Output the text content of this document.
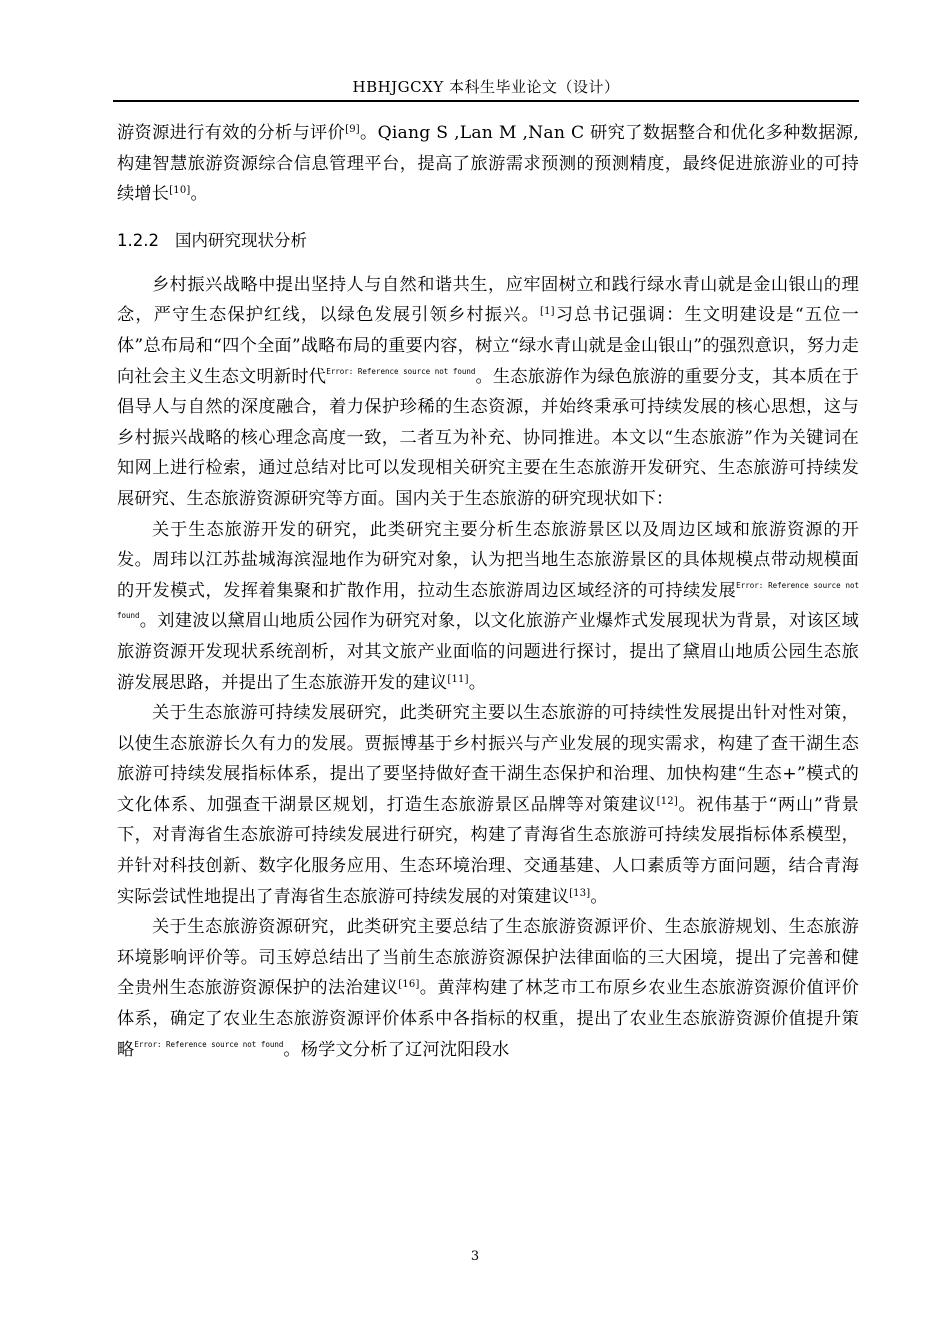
HBHJGCXY 本科生毕业论文（设计）

游资源进行有效的分析与评价[9]。Qiang S ,Lan M ,Nan C 研究了数据整合和优化多种数据源, 构建智慧旅游资源综合信息管理平台，提高了旅游需求预测的预测精度，最终促进旅游业的可持续增长[10]。

1.2.2 国内研究现状分析

乡村振兴战略中提出坚持人与自然和谐共生，应牢固树立和践行绿水青山就是金山银山的理念，严守生态保护红线，以绿色发展引领乡村振兴。[1]习总书记强调：生文明建设是“五位一体”总布局和“四个全面”战略布局的重要内容，树立“绿水青山就是金山银山”的强烈意识，努力走向社会主义生态文明新时代$^{Error: Reference source not found}$。生态旅游作为绿色旅游的重要分支，其本质在于倡导人与自然的深度融合，着力保护珍稀的生态资源，并始终秉承可持续发展的核心思想，这与乡村振兴战略的核心理念高度一致，二者互为补充、协同推进。本文以“生态旅游”作为关键词在知网上进行检索，通过总结对比可以发现相关研究主要在生态旅游开发研究、生态旅游可持续发展研究、生态旅游资源研究等方面。国内关于生态旅游的研究现状如下：

关于生态旅游开发的研究，此类研究主要分析生态旅游景区以及周边区域和旅游资源的开发。周玮以江苏盐城海滨湿地作为研究对象，认为把当地生态旅游景区的具体规模点带动规模面的开发模式，发挥着集聚和扩散作用，拉动生态旅游周边区域经济的可持续发展$^{Error: Reference source not found}$。刘建波以黛眉山地质公园作为研究对象，以文化旅游产业爆炸式发展现状为背景，对该区域旅游资源开发现状系统剖析，对其文旅产业面临的问题进行探讨，提出了黛眉山地质公园生态旅游发展思路，并提出了生态旅游开发的建议[11]。

关于生态旅游可持续发展研究，此类研究主要以生态旅游的可持续性发展提出针对性对策，以使生态旅游长久有力的发展。贾振博基于乡村振兴与产业发展的现实需求，构建了查干湖生态旅游可持续发展指标体系，提出了要坚持做好查干湖生态保护和治理、加快构建“生态+”模式的文化体系、加强查干湖景区规划，打造生态旅游景区品牌等对策建议[12]。祝伟基于“两山”背景下，对青海省生态旅游可持续发展进行研究，构建了青海省生态旅游可持续发展指标体系模型，并针对科技创新、数字化服务应用、生态环境治理、交通基建、人口素质等方面问题，结合青海实际尝试性地提出了青海省生态旅游可持续发展的对策建议[13]。

关于生态旅游资源研究，此类研究主要总结了生态旅游资源评价、生态旅游规划、生态旅游环境影响评价等。司玉婷总结出了当前生态旅游资源保护法律面临的三大困境，提出了完善和健全贵州生态旅游资源保护的法治建议[16]。黄萍构建了林芝市工布原乡农业生态旅游资源价值评价体系，确定了农业生态旅游资源评价体系中各指标的权重，提出了农业生态旅游资源价值提升策略$^{Error: Reference source not found}$。杨学文分析了辽河沈阳段水

3
